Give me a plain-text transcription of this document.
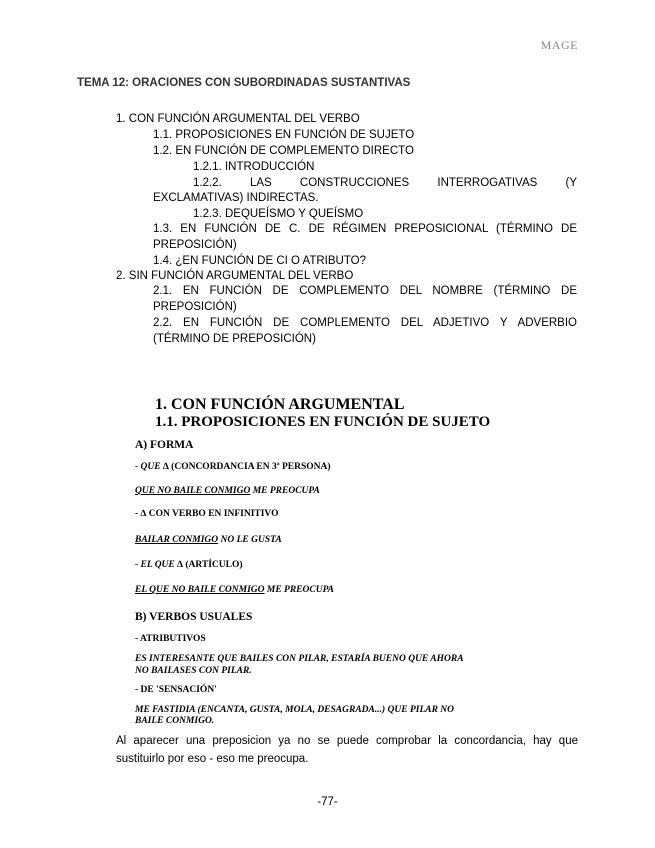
MAGE
TEMA 12: ORACIONES CON SUBORDINADAS SUSTANTIVAS
1. CON FUNCIÓN ARGUMENTAL DEL VERBO
1.1. PROPOSICIONES EN FUNCIÓN DE SUJETO
1.2. EN FUNCIÓN DE COMPLEMENTO DIRECTO
1.2.1. INTRODUCCIÓN
1.2.2. LAS CONSTRUCCIONES INTERROGATIVAS (Y
EXCLAMATIVAS) INDIRECTAS.
1.2.3. DEQUEÍSMO Y QUEÍSMO
1.3. EN FUNCIÓN DE C. DE RÉGIMEN PREPOSICIONAL (TÉRMINO DE
PREPOSICIÓN)
1.4. ¿EN FUNCIÓN DE CI O ATRIBUTO?
2. SIN FUNCIÓN ARGUMENTAL DEL VERBO
2.1. EN FUNCIÓN DE COMPLEMENTO DEL NOMBRE (TÉRMINO DE
PREPOSICIÓN)
2.2. EN FUNCIÓN DE COMPLEMENTO DEL ADJETIVO Y ADVERBIO
(TÉRMINO DE PREPOSICIÓN)
1. CON FUNCIÓN ARGUMENTAL
1.1. PROPOSICIONES EN FUNCIÓN DE SUJETO
A) FORMA
- QUE ∆ (CONCORDANCIA EN 3ª PERSONA)
QUE NO BAILE CONMIGO ME PREOCUPA
- ∆ CON VERBO EN INFINITIVO
BAILAR CONMIGO NO LE GUSTA
- EL QUE ∆ (ARTÍCULO)
EL QUE NO BAILE CONMIGO ME PREOCUPA
B) VERBOS USUALES
- ATRIBUTIVOS
ES INTERESANTE QUE BAILES CON PILAR, ESTARÍA BUENO QUE AHORA
NO BAILASES CON PILAR.
- DE 'SENSACIÓN'
ME FASTIDIA (ENCANTA, GUSTA, MOLA, DESAGRADA...) QUE PILAR NO
BAILE CONMIGO.
Al aparecer una preposicion ya no se puede comprobar la concordancia, hay que sustituirlo por eso - eso me preocupa.
-77-
